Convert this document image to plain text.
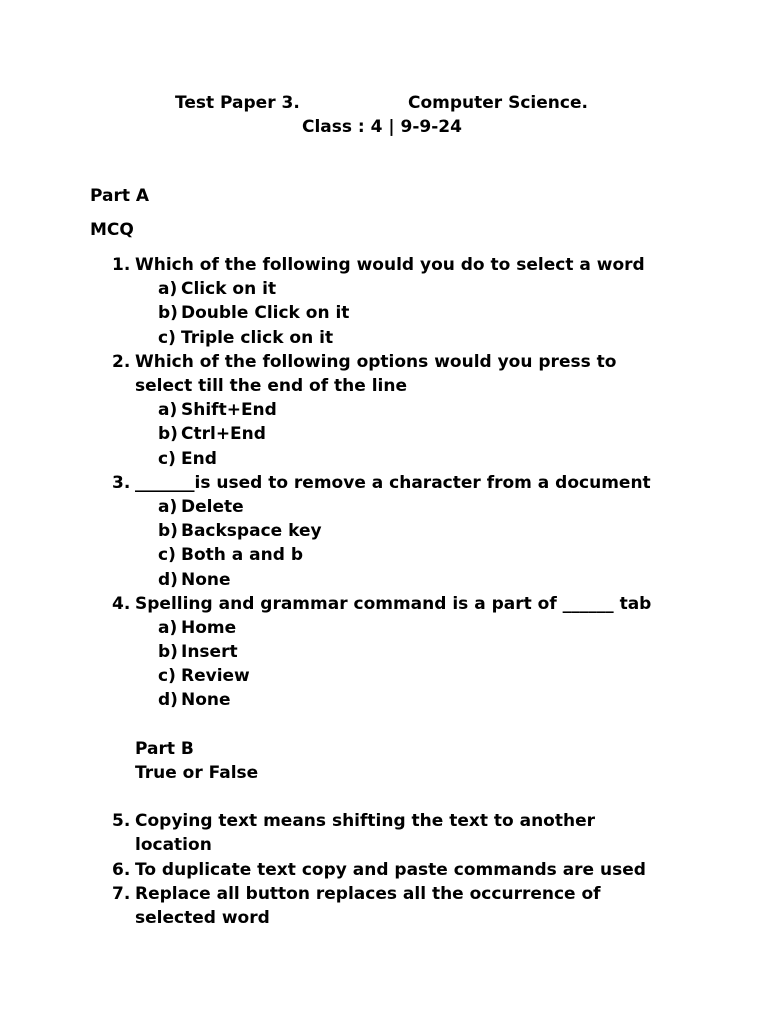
Test Paper 3.	Computer Science.
Class : 4 | 9-9-24
Part A
MCQ
1. Which of the following would you do to select a word
a) Click on it
b) Double Click on it
c) Triple click on it
2. Which of the following options would you press to select till the end of the line
a) Shift+End
b) Ctrl+End
c) End
3. _______is used to remove a character from a document
a) Delete
b) Backspace key
c) Both a and b
d) None
4. Spelling and grammar command is a part of ______ tab
a) Home
b) Insert
c) Review
d) None
Part B
True or False
5. Copying text means shifting the text to another location
6. To duplicate text copy and paste commands are used
7. Replace all button replaces all the occurrence of selected word
